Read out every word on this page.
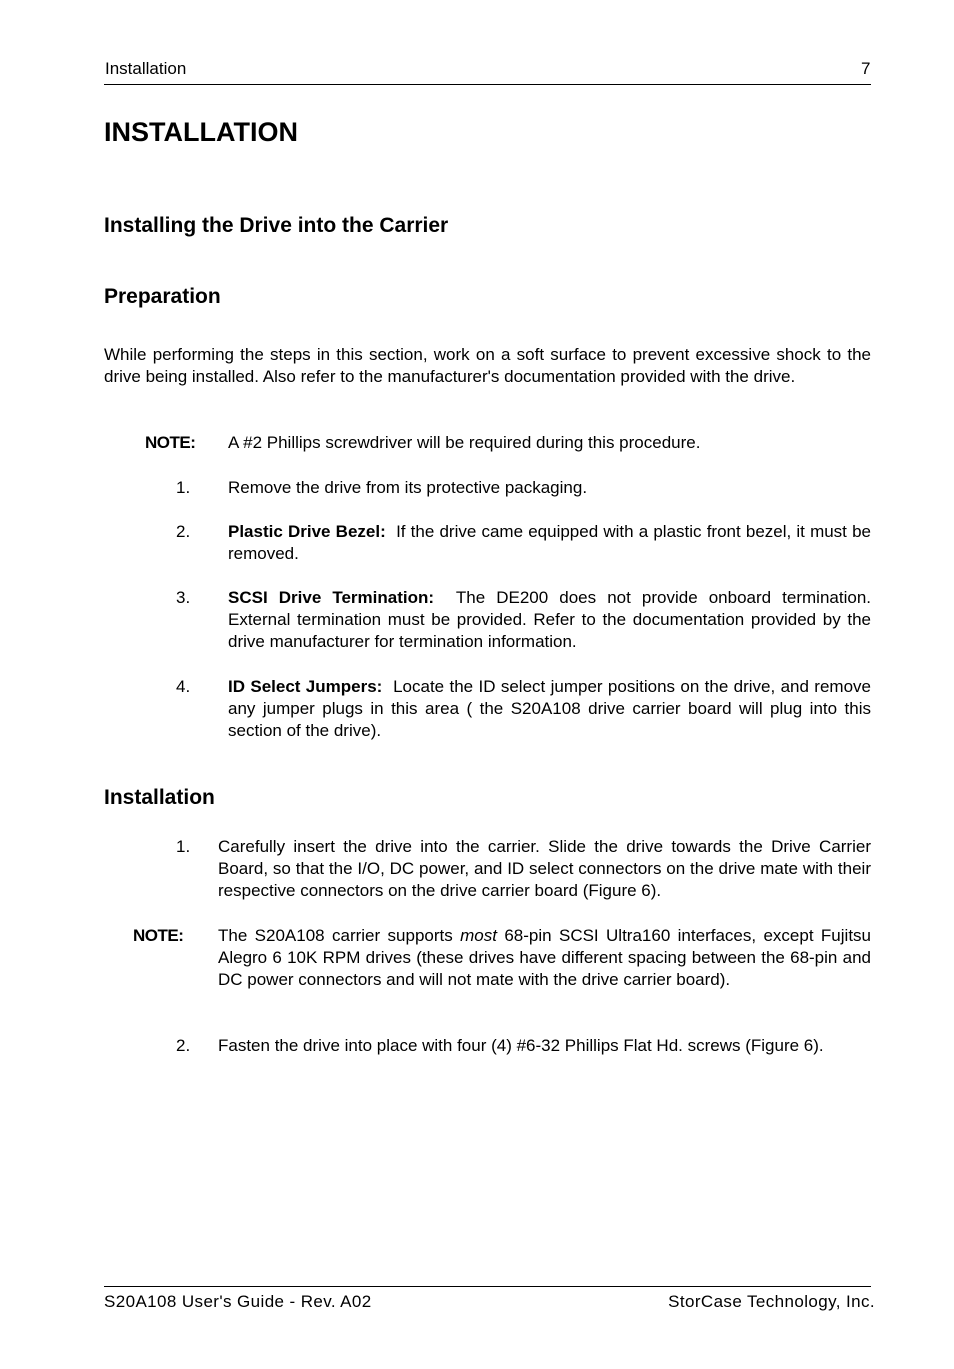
Installation	7
INSTALLATION
Installing the Drive into the Carrier
Preparation
While performing the steps in this section, work on a soft surface to prevent excessive shock to the drive being installed. Also refer to the manufacturer's documentation provided with the drive.
NOTE: A #2 Phillips screwdriver will be required during this procedure.
1. Remove the drive from its protective packaging.
2. Plastic Drive Bezel: If the drive came equipped with a plastic front bezel, it must be removed.
3. SCSI Drive Termination: The DE200 does not provide onboard termination. External termination must be provided. Refer to the documentation provided by the drive manufacturer for termination information.
4. ID Select Jumpers: Locate the ID select jumper positions on the drive, and remove any jumper plugs in this area ( the S20A108 drive carrier board will plug into this section of the drive).
Installation
1. Carefully insert the drive into the carrier. Slide the drive towards the Drive Carrier Board, so that the I/O, DC power, and ID select connectors on the drive mate with their respective connectors on the drive carrier board (Figure 6).
NOTE: The S20A108 carrier supports most 68-pin SCSI Ultra160 interfaces, except Fujitsu Alegro 6 10K RPM drives (these drives have different spacing between the 68-pin and DC power connectors and will not mate with the drive carrier board).
2. Fasten the drive into place with four (4) #6-32 Phillips Flat Hd. screws (Figure 6).
S20A108 User's Guide - Rev. A02	StorCase Technology, Inc.
